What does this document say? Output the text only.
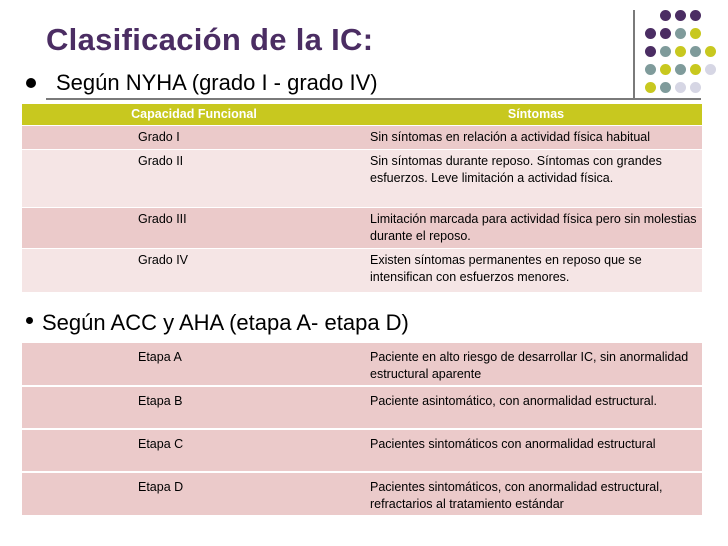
Clasificación de la IC:
Según NYHA (grado I - grado IV)
Capacidad Funcional	Síntomas
Grado I	Sin síntomas en relación a actividad física habitual
Grado II	Sin síntomas durante reposo. Síntomas con grandes esfuerzos. Leve limitación a actividad física.
Grado III	Limitación marcada para actividad física pero sin molestias durante el reposo.
Grado IV	Existen síntomas permanentes en reposo que se intensifican con esfuerzos menores.
Según ACC y AHA (etapa A- etapa D)
Etapa A	Paciente en alto riesgo de desarrollar IC, sin anormalidad estructural aparente
Etapa B	Paciente asintomático, con anormalidad estructural.
Etapa C	Pacientes sintomáticos con anormalidad estructural
Etapa D	Pacientes sintomáticos, con anormalidad estructural, refractarios al tratamiento estándar
